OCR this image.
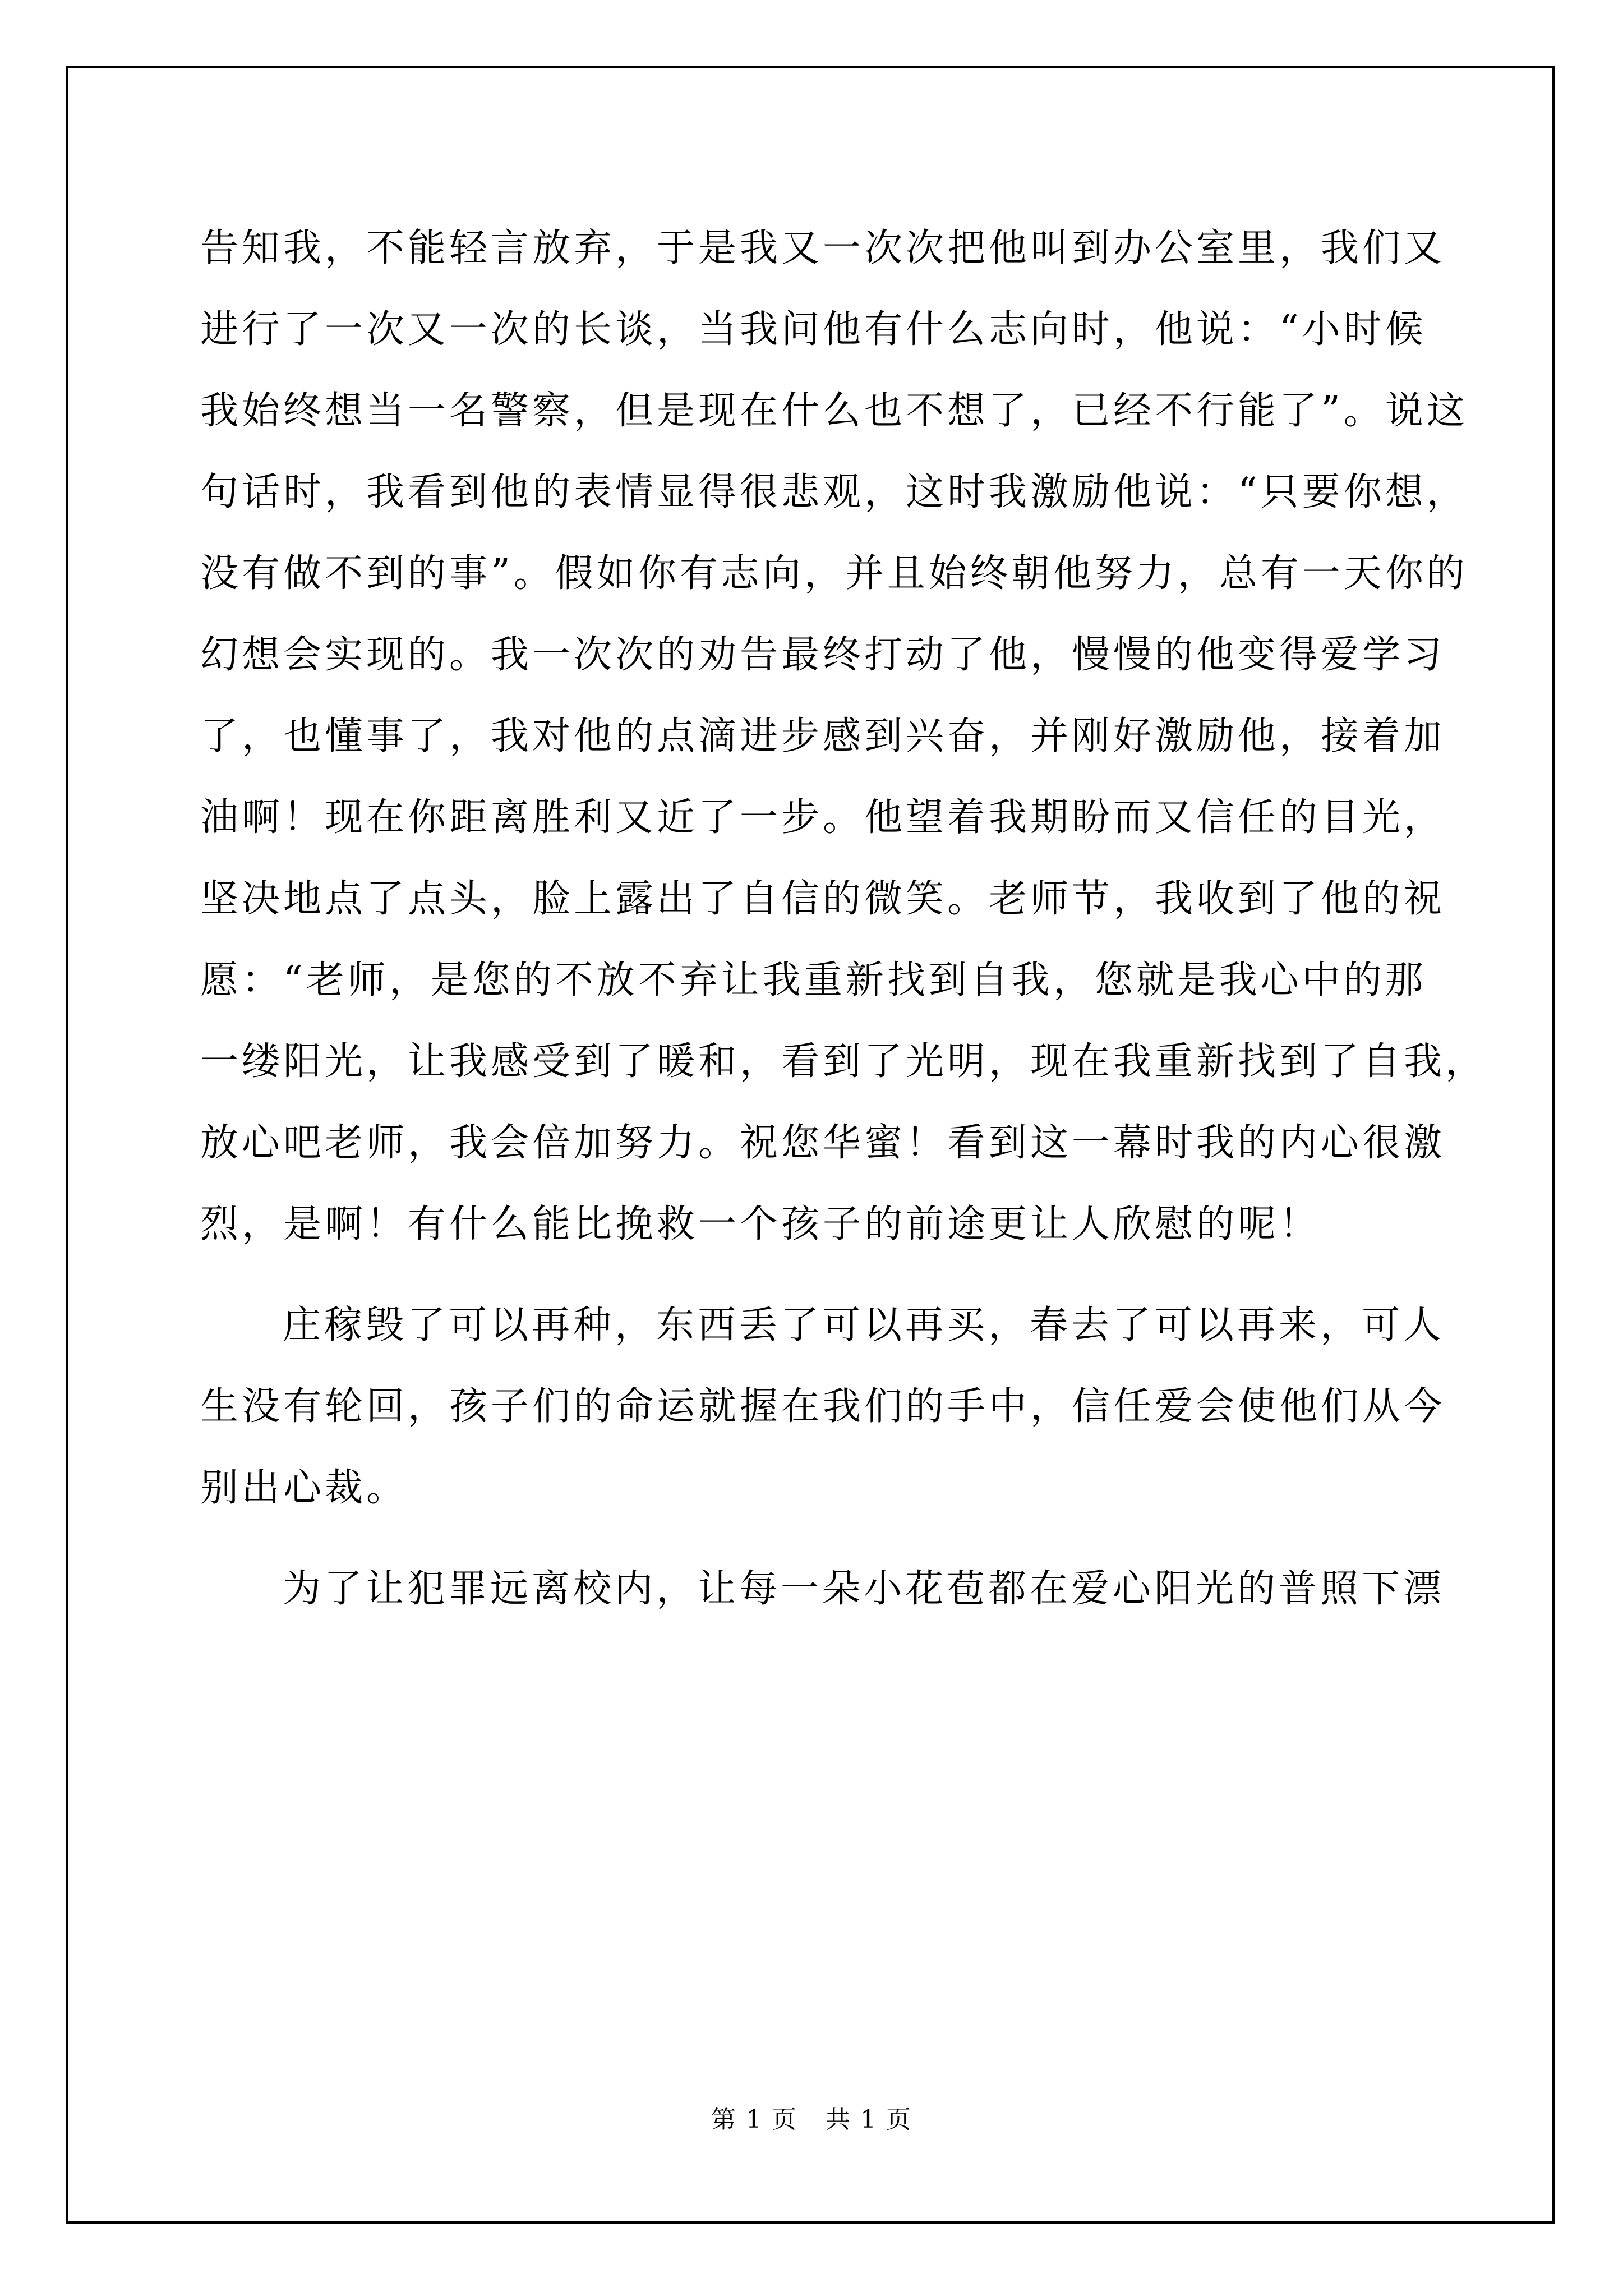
告知我，不能轻言放弃，于是我又一次次把他叫到办公室里，我们又
进行了一次又一次的长谈，当我问他有什么志向时，他说：“小时候
我始终想当一名警察，但是现在什么也不想了，已经不行能了”。说这
句话时，我看到他的表情显得很悲观，这时我激励他说：“只要你想，
没有做不到的事”。假如你有志向，并且始终朝他努力，总有一天你的
幻想会实现的。我一次次的劝告最终打动了他，慢慢的他变得爱学习
了，也懂事了，我对他的点滴进步感到兴奋，并刚好激励他，接着加
油啊！现在你距离胜利又近了一步。他望着我期盼而又信任的目光，
坚决地点了点头，脸上露出了自信的微笑。老师节，我收到了他的祝
愿：“老师，是您的不放不弃让我重新找到自我，您就是我心中的那
一缕阳光，让我感受到了暖和，看到了光明，现在我重新找到了自我，
放心吧老师，我会倍加努力。祝您华蜜！看到这一幕时我的内心很激
烈，是啊！有什么能比挽救一个孩子的前途更让人欣慰的呢！
庄稼毁了可以再种，东西丢了可以再买，春去了可以再来，可人
生没有轮回，孩子们的命运就握在我们的手中，信任爱会使他们从今
别出心裁。
为了让犯罪远离校内，让每一朵小花苞都在爱心阳光的普照下漂
第 1 页 共 1 页
